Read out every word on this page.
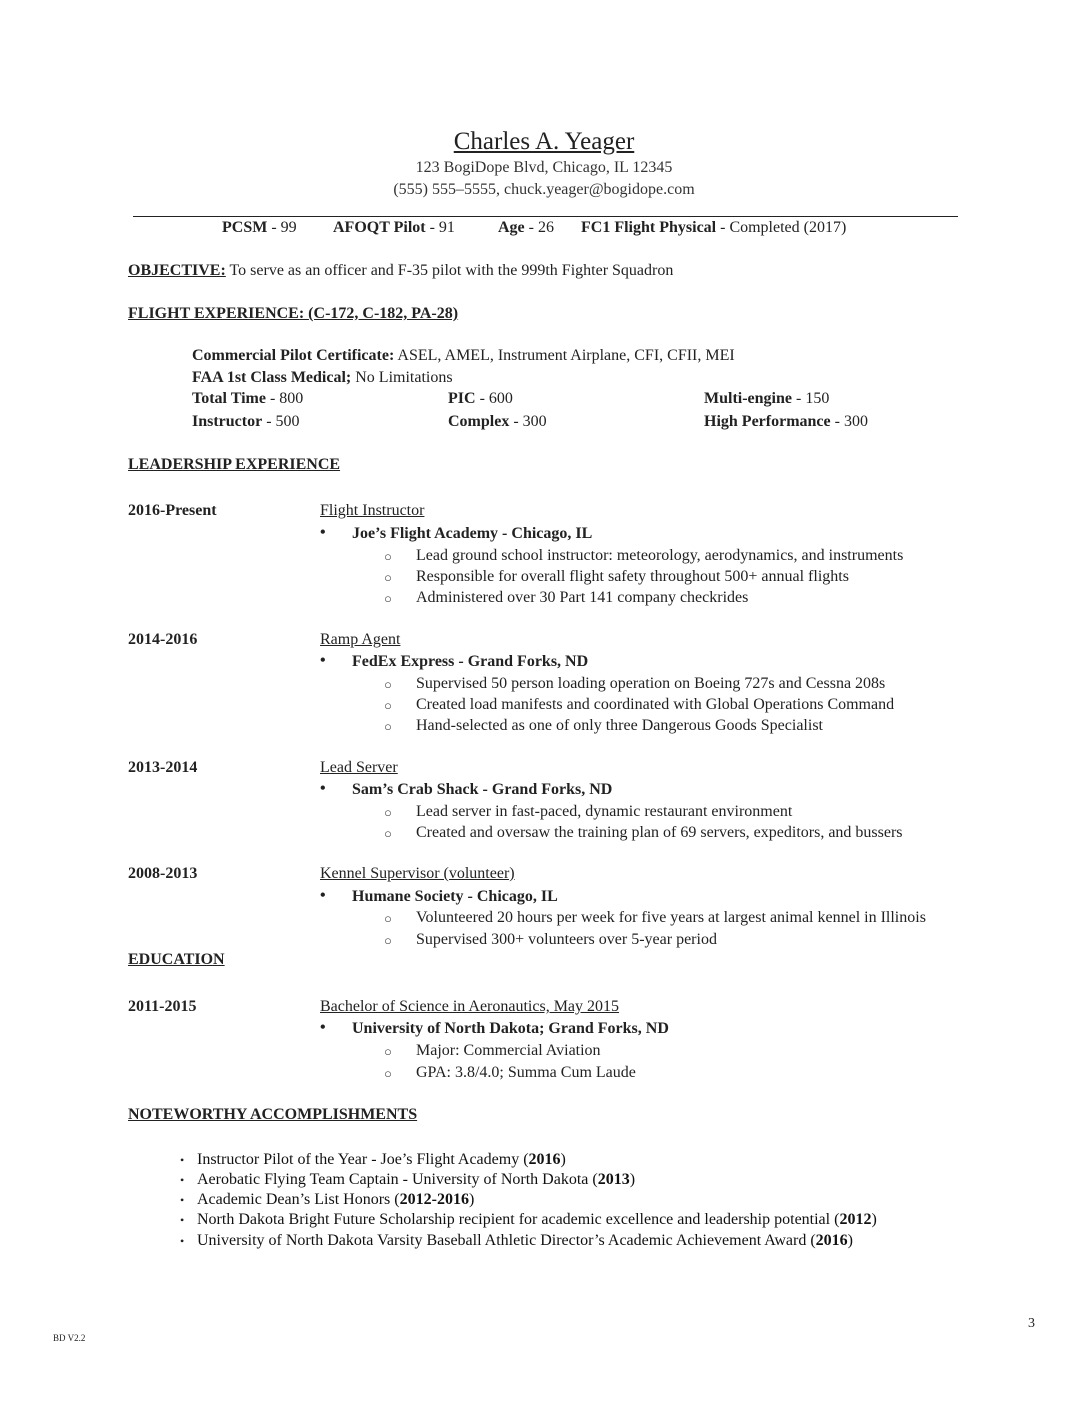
Charles A. Yeager
123 BogiDope Blvd, Chicago, IL 12345
(555) 555–5555, chuck.yeager@bogidope.com
PCSM - 99 AFOQT Pilot - 91	Age - 26 FC1 Flight Physical - Completed (2017)
OBJECTIVE: To serve as an officer and F-35 pilot with the 999th Fighter Squadron
FLIGHT EXPERIENCE: (C-172, C-182, PA-28)
Commercial Pilot Certificate: ASEL, AMEL, Instrument Airplane, CFI, CFII, MEI
FAA 1st Class Medical; No Limitations
Total Time - 800	PIC - 600	Multi-engine - 150
Instructor - 500	Complex - 300	High Performance - 300
LEADERSHIP EXPERIENCE
2016-Present	Flight Instructor
• Joe’s Flight Academy - Chicago, IL
○ Lead ground school instructor: meteorology, aerodynamics, and instruments
○ Responsible for overall flight safety throughout 500+ annual flights
○ Administered over 30 Part 141 company checkrides
2014-2016	Ramp Agent
• FedEx Express - Grand Forks, ND
○ Supervised 50 person loading operation on Boeing 727s and Cessna 208s
○ Created load manifests and coordinated with Global Operations Command
○ Hand-selected as one of only three Dangerous Goods Specialist
2013-2014	Lead Server
• Sam’s Crab Shack - Grand Forks, ND
○ Lead server in fast-paced, dynamic restaurant environment
○ Created and oversaw the training plan of 69 servers, expeditors, and bussers
2008-2013	Kennel Supervisor (volunteer)
• Humane Society - Chicago, IL
○ Volunteered 20 hours per week for five years at largest animal kennel in Illinois
○ Supervised 300+ volunteers over 5-year period
EDUCATION
2011-2015	Bachelor of Science in Aeronautics, May 2015
• University of North Dakota; Grand Forks, ND
○ Major: Commercial Aviation
○ GPA: 3.8/4.0; Summa Cum Laude
NOTEWORTHY ACCOMPLISHMENTS
• Instructor Pilot of the Year - Joe’s Flight Academy (2016)
• Aerobatic Flying Team Captain - University of North Dakota (2013)
• Academic Dean’s List Honors (2012-2016)
• North Dakota Bright Future Scholarship recipient for academic excellence and leadership potential (2012)
• University of North Dakota Varsity Baseball Athletic Director’s Academic Achievement Award (2016)
3
BD V2.2
